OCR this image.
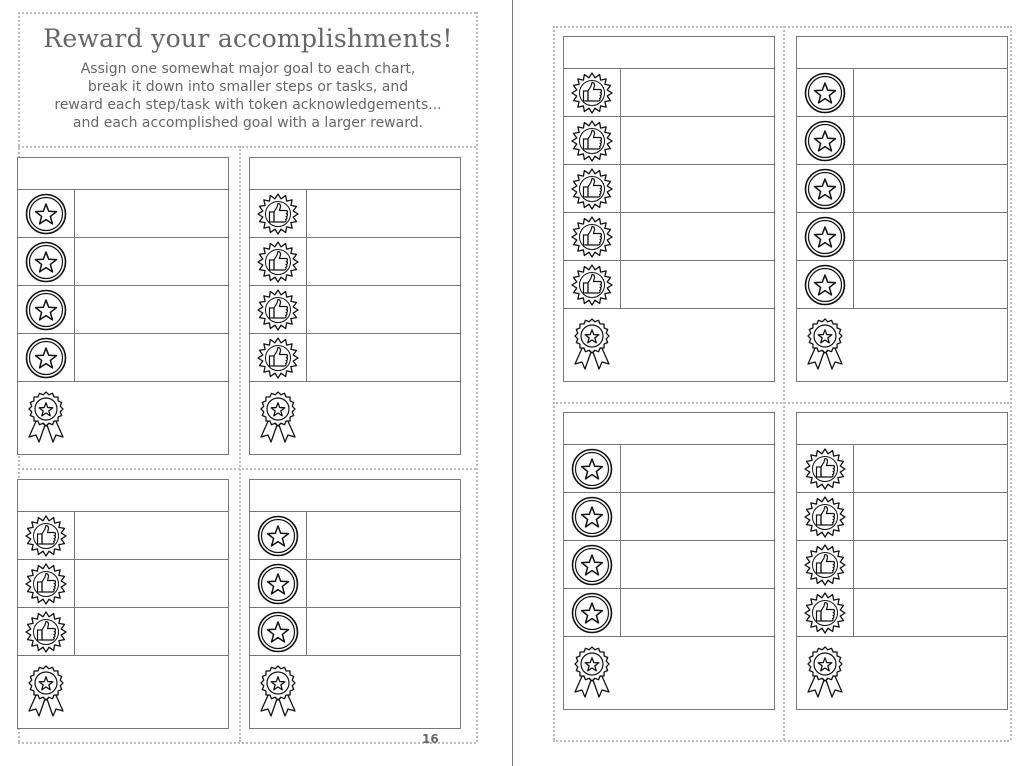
Reward your accomplishments!
Assign one somewhat major goal to each chart,
break it down into smaller steps or tasks, and
reward each step/task with token acknowledgements...
and each accomplished goal with a larger reward.
16
